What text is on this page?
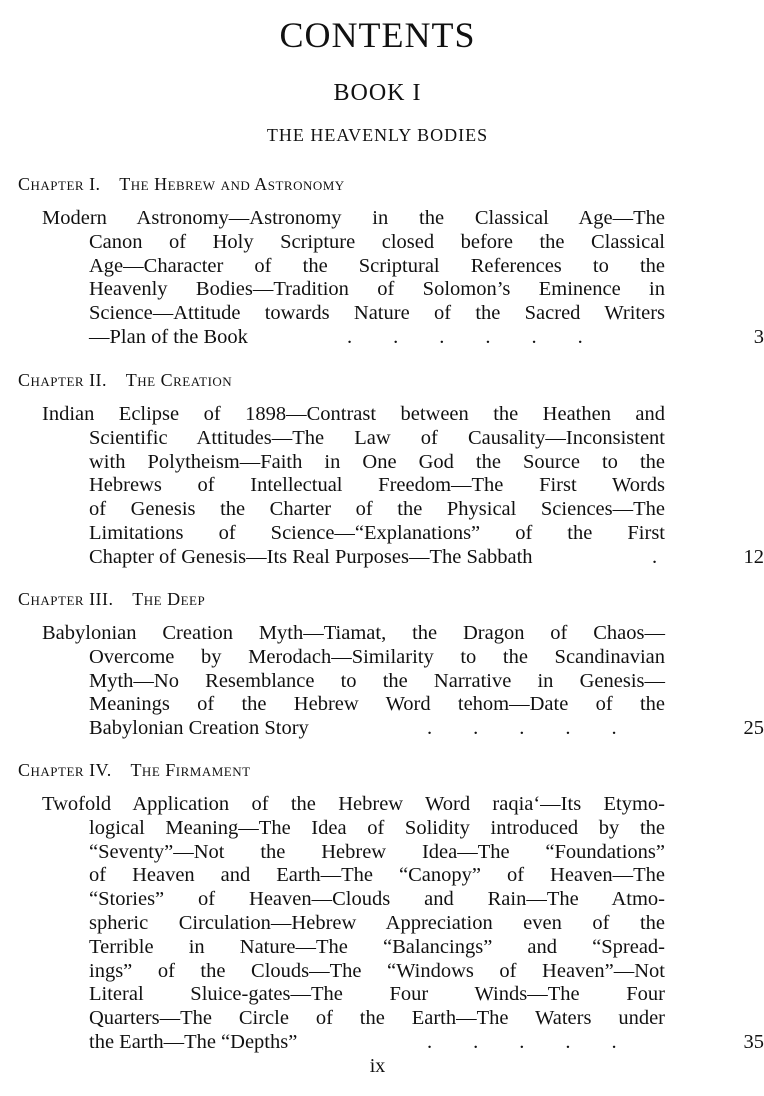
CONTENTS
BOOK I
THE HEAVENLY BODIES
Chapter I. The Hebrew and Astronomy
Modern Astronomy—Astronomy in the Classical Age—The
Canon of Holy Scripture closed before the Classical
Age—Character of the Scriptural References to the
Heavenly Bodies—Tradition of Solomon’s Eminence in
Science—Attitude towards Nature of the Sacred Writers
—Plan of the Book	.        .        .        .        .        .	3
Chapter II. The Creation
Indian Eclipse of 1898—Contrast between the Heathen and
Scientific Attitudes—The Law of Causality—Inconsistent
with Polytheism—Faith in One God the Source to the
Hebrews of Intellectual Freedom—The First Words
of Genesis the Charter of the Physical Sciences—The
Limitations of Science—“Explanations” of the First
Chapter of Genesis—Its Real Purposes—The Sabbath	.	12
Chapter III. The Deep
Babylonian Creation Myth—Tiamat, the Dragon of Chaos—
Overcome by Merodach—Similarity to the Scandinavian
Myth—No Resemblance to the Narrative in Genesis—
Meanings of the Hebrew Word tehom—Date of the
Babylonian Creation Story	.        .        .        .        .	25
Chapter IV. The Firmament
Twofold Application of the Hebrew Word raqia‘—Its Etymo-
logical Meaning—The Idea of Solidity introduced by the
“Seventy”—Not the Hebrew Idea—The “Foundations”
of Heaven and Earth—The “Canopy” of Heaven—The
“Stories” of Heaven—Clouds and Rain—The Atmo-
spheric Circulation—Hebrew Appreciation even of the
Terrible in Nature—The “Balancings” and “Spread-
ings” of the Clouds—The “Windows of Heaven”—Not
Literal Sluice-gates—The Four Winds—The Four
Quarters—The Circle of the Earth—The Waters under
the Earth—The “Depths”	.        .        .        .        .	35
ix
